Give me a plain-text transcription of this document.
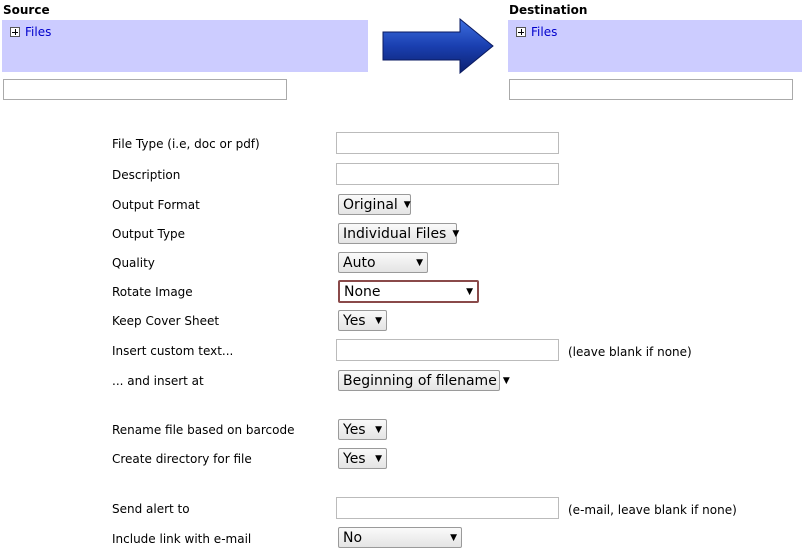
Source
Files
Destination
Files
File Type (i.e, doc or pdf)
Description
Output Format	Original ▼
Output Type	Individual Files ▼
Quality	Auto	▼
Rotate Image	None	▼
Keep Cover Sheet	Yes ▼
Insert custom text...	(leave blank if none)
... and insert at	Beginning of filename ▼
Rename file based on barcode	Yes ▼
Create directory for file	Yes ▼
Send alert to	(e-mail, leave blank if none)
Include link with e-mail	No	▼
